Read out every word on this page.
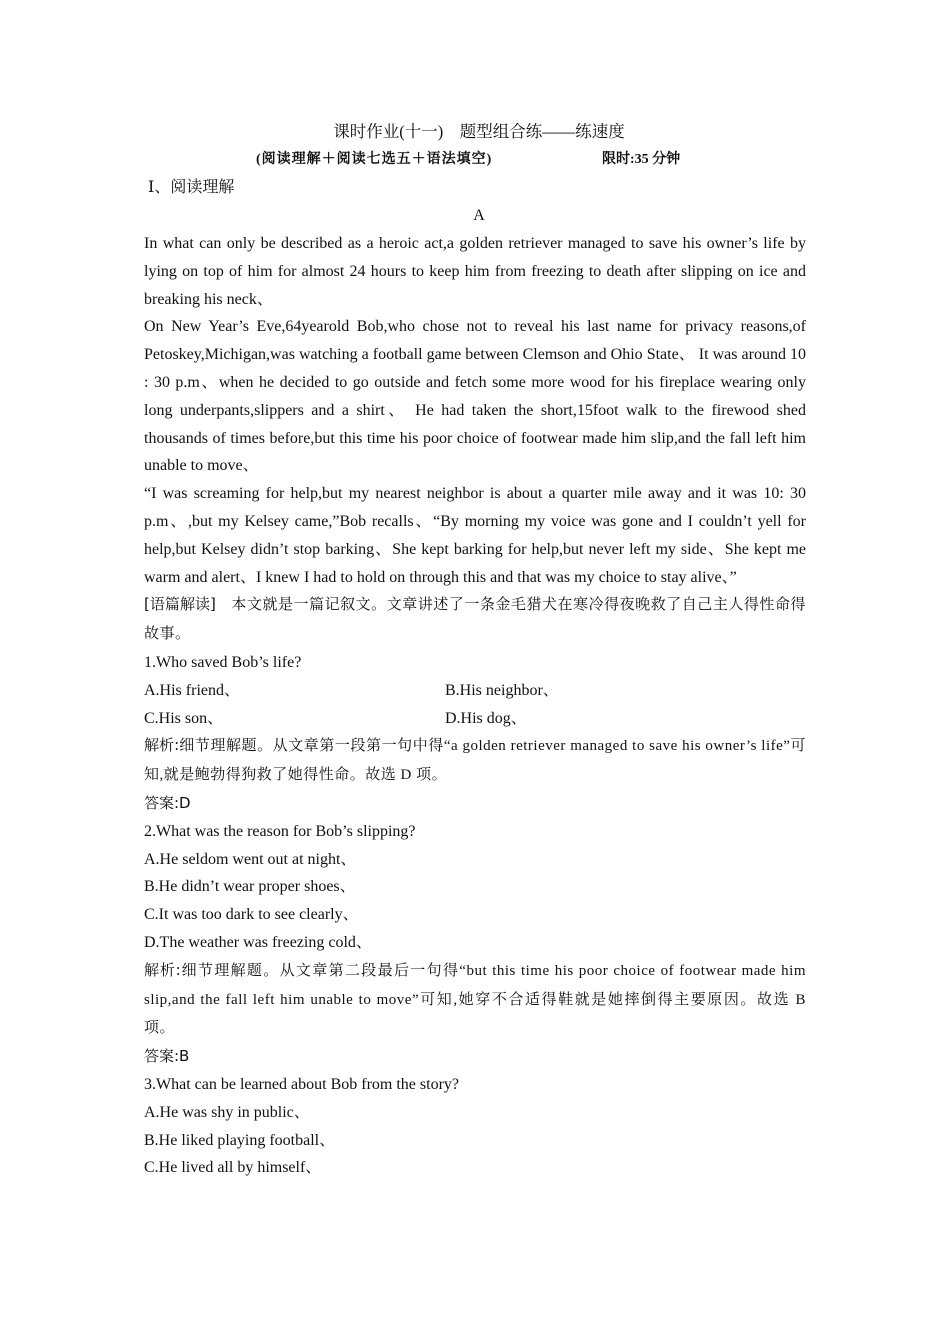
课时作业(十一)　题型组合练——练速度
(阅读理解＋阅读七选五＋语法填空)	限时:35 分钟
Ⅰ、阅读理解
A

In what can only be described as a heroic act,a golden retriever managed to save his owner’s life by lying on top of him for almost 24 hours to keep him from freezing to death after slipping on ice and breaking his neck、

On New Year’s Eve,64yearold Bob,who chose not to reveal his last name for privacy reasons,of Petoskey,Michigan,was watching a football game between Clemson and Ohio State、 It was around 10 : 30 p.m、when he decided to go outside and fetch some more wood for his fireplace wearing only long underpants,slippers and a shirt、 He had taken the short,15foot walk to the firewood shed thousands of times before,but this time his poor choice of footwear made him slip,and the fall left him unable to move、

“I was screaming for help,but my nearest neighbor is about a quarter mile away and it was 10: 30 p.m、,but my Kelsey came,”Bob recalls、“By morning my voice was gone and I couldn’t yell for help,but Kelsey didn’t stop barking、She kept barking for help,but never left my side、She kept me warm and alert、I knew I had to hold on through this and that was my choice to stay alive、”

[语篇解读]　本文就是一篇记叙文。文章讲述了一条金毛猎犬在寒冷得夜晚救了自己主人得性命得故事。

1.Who saved Bob’s life?
A.His friend、	B.His neighbor、
C.His son、	D.His dog、

解析:细节理解题。从文章第一段第一句中得“a golden retriever managed to save his owner’s life”可知,就是鲍勃得狗救了她得性命。故选 D 项。

答案:D
2.What was the reason for Bob’s slipping?
A.He seldom went out at night、
B.He didn’t wear proper shoes、
C.It was too dark to see clearly、
D.The weather was freezing cold、

解析:细节理解题。从文章第二段最后一句得“but this time his poor choice of footwear made him slip,and the fall left him unable to move”可知,她穿不合适得鞋就是她摔倒得主要原因。故选 B 项。

答案:B
3.What can be learned about Bob from the story?
A.He was shy in public、
B.He liked playing football、
C.He lived all by himself、
